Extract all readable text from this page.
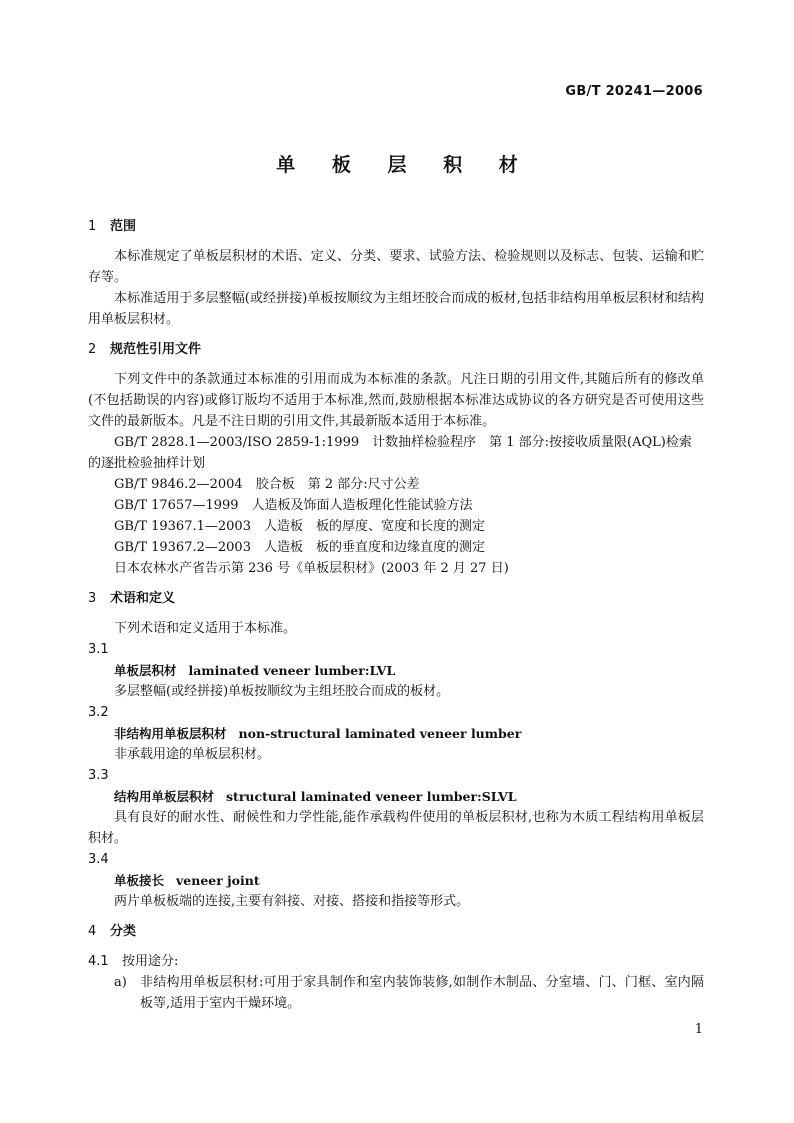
GB/T 20241—2006
单 板 层 积 材
1 范围

本标准规定了单板层积材的术语、定义、分类、要求、试验方法、检验规则以及标志、包装、运输和贮存等。

本标准适用于多层整幅(或经拼接)单板按顺纹为主组坯胶合而成的板材,包括非结构用单板层积材和结构用单板层积材。

2 规范性引用文件

下列文件中的条款通过本标准的引用而成为本标准的条款。凡注日期的引用文件,其随后所有的修改单(不包括勘误的内容)或修订版均不适用于本标准,然而,鼓励根据本标准达成协议的各方研究是否可使用这些文件的最新版本。凡是不注日期的引用文件,其最新版本适用于本标准。

GB/T 2828.1—2003/ISO 2859-1:1999　计数抽样检验程序　第 1 部分:按接收质量限(AQL)检索的逐批检验抽样计划

GB/T 9846.2—2004　胶合板　第 2 部分:尺寸公差

GB/T 17657—1999　人造板及饰面人造板理化性能试验方法

GB/T 19367.1—2003　人造板　板的厚度、宽度和长度的测定

GB/T 19367.2—2003　人造板　板的垂直度和边缘直度的测定

日本农林水产省告示第 236 号《单板层积材》(2003 年 2 月 27 日)

3 术语和定义

下列术语和定义适用于本标准。

3.1

单板层积材 laminated veneer lumber:LVL

多层整幅(或经拼接)单板按顺纹为主组坯胶合而成的板材。

3.2

非结构用单板层积材 non-structural laminated veneer lumber

非承载用途的单板层积材。

3.3

结构用单板层积材 structural laminated veneer lumber:SLVL

具有良好的耐水性、耐候性和力学性能,能作承载构件使用的单板层积材,也称为木质工程结构用单板层积材。

3.4

单板接长 veneer joint

两片单板板端的连接,主要有斜接、对接、搭接和指接等形式。

4 分类

4.1 按用途分:

a) 非结构用单板层积材:可用于家具制作和室内装饰装修,如制作木制品、分室墙、门、门框、室内隔板等,适用于室内干燥环境。

1
